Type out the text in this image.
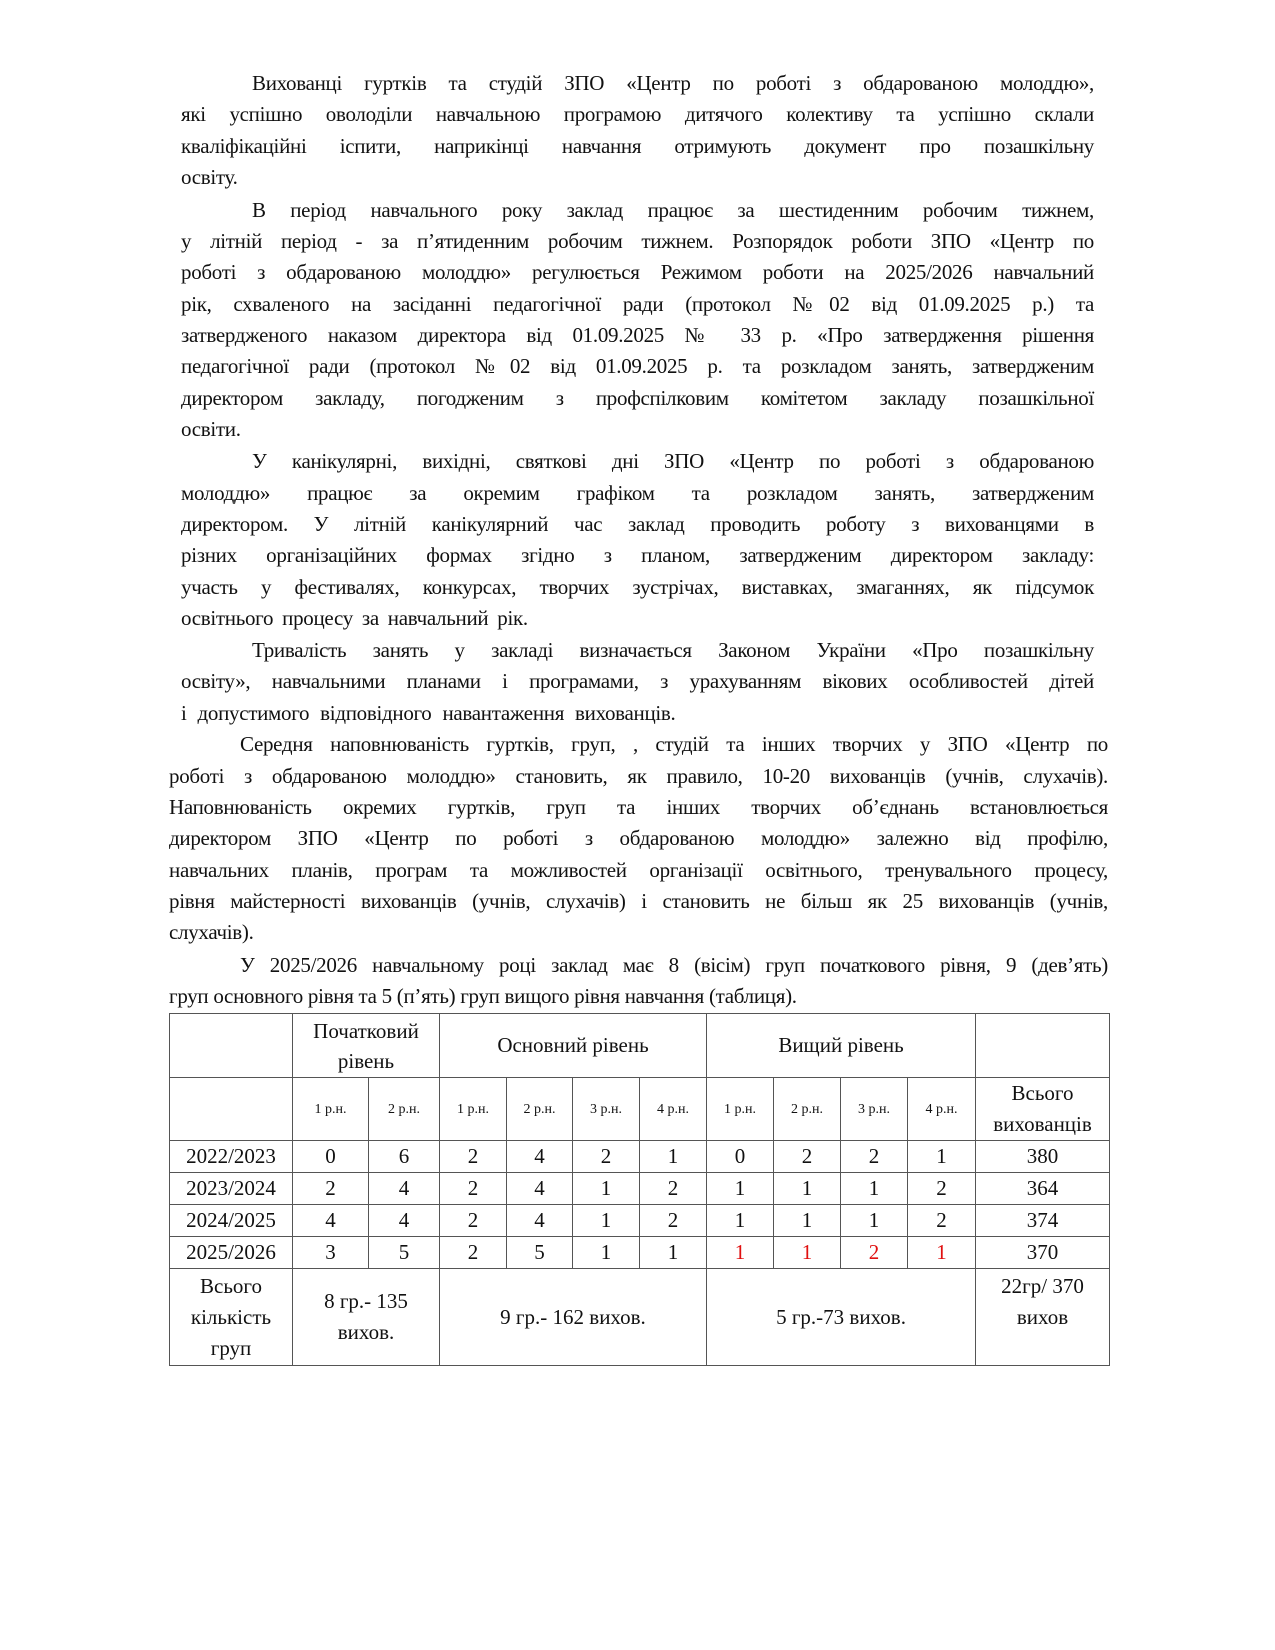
Вихованці гуртків та студій ЗПО «Центр по роботі з обдарованою молоддю»,
які успішно оволоділи навчальною програмою дитячого колективу та успішно склали
кваліфікаційні іспити, наприкінці навчання отримують документ про позашкільну
освіту.
В період навчального року заклад працює за шестиденним робочим тижнем,
у літній період - за п’ятиденним робочим тижнем. Розпорядок роботи ЗПО «Центр по
роботі з обдарованою молоддю» регулюється Режимом роботи на 2025/2026 навчальний
рік, схваленого на засіданні педагогічної ради (протокол №02 від 01.09.2025 р.) та
затвердженого наказом директора від 01.09.2025 № 33 р. «Про затвердження рішення
педагогічної ради (протокол №02 від 01.09.2025 р. та розкладом занять, затвердженим
директором закладу, погодженим з профспілковим комітетом закладу позашкільної
освіти.
У канікулярні, вихідні, святкові дні ЗПО «Центр по роботі з обдарованою
молоддю» працює за окремим графіком та розкладом занять, затвердженим
директором. У літній канікулярний час заклад проводить роботу з вихованцями в
різних організаційних формах згідно з планом, затвердженим директором закладу:
участь у фестивалях, конкурсах, творчих зустрічах, виставках, змаганнях, як підсумок
освітнього процесу за навчальний рік.
Тривалість занять у закладі визначається Законом України «Про позашкільну
освіту», навчальними планами і програмами, з урахуванням вікових особливостей дітей
і допустимого відповідного навантаження вихованців.
Середня наповнюваність гуртків, груп, , студій та інших творчих у ЗПО «Центр по
роботі з обдарованою молоддю» становить, як правило, 10-20 вихованців (учнів, слухачів).
Наповнюваність окремих гуртків, груп та інших творчих об’єднань встановлюється
директором ЗПО «Центр по роботі з обдарованою молоддю» залежно від профілю,
навчальних планів, програм та можливостей організації освітнього, тренувального процесу,
рівня майстерності вихованців (учнів, слухачів) і становить не більш як 25 вихованців (учнів,
слухачів).
У 2025/2026 навчальному році заклад має 8 (вісім) груп початкового рівня, 9 (дев’ять)
груп основного рівня та 5 (п’ять) груп вищого рівня навчання (таблиця).
	Початковий рівень		Основний рівень				Вищий рівень				
	1 р.н.	2 р.н.	1 р.н.	2 р.н.	3 р.н.	4 р.н.	1 р.н.	2 р.н.	3 р.н.	4 р.н.	Всього вихованців
2022/2023	0	6	2	4	2	1	0	2	2	1	380
2023/2024	2	4	2	4	1	2	1	1	1	2	364
2024/2025	4	4	2	4	1	2	1	1	1	2	374
2025/2026	3	5	2	5	1	1	1	1	2	1	370
Всього кількість груп	8 гр.- 135 вихов.		9 гр.- 162 вихов.				5 гр.-73 вихов.				22гр/ 370 вихов
